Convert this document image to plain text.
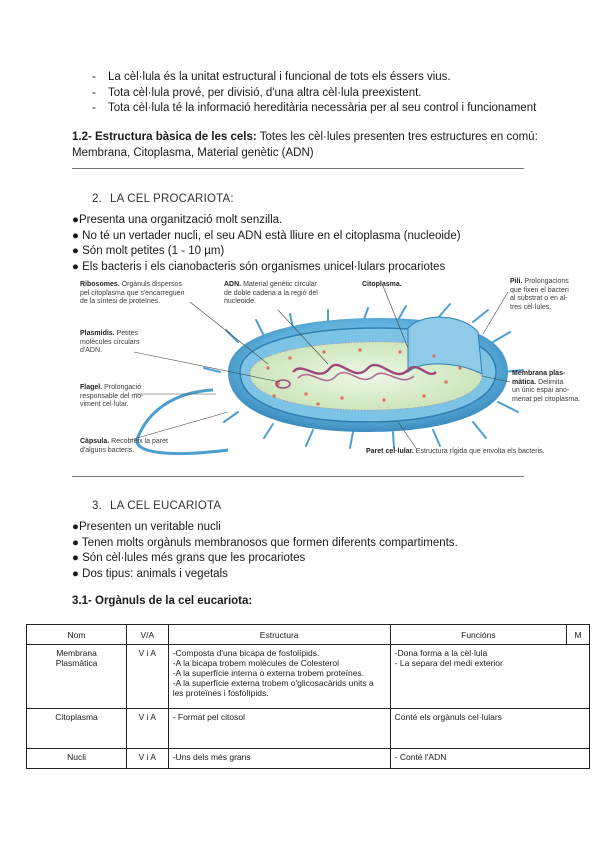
- La cèl·lula és la unitat estructural i funcional de tots els éssers vius.
- Tota cèl·lula prové, per divisió, d'una altra cèl·lula preexistent.
- Tota cèl·lula té la informació hereditària necessària per al seu control i funcionament
1.2- Estructura bàsica de les cels: Totes les cèl·lules presenten tres estructures en comú:
Membrana, Citoplasma, Material genètic (ADN)
2. LA CEL PROCARIOTA:
●Presenta una organització molt senzilla.
● No té un vertader nucli, el seu ADN està lliure en el citoplasma (nucleoide)
● Són molt petites (1 - 10 µm)
● Els bacteris i els cianobacteris són organismes unicel·lulars procariotes
Ribosomes. Orgànuls dispersos
pel citoplasma que s'encarreguen
de la síntesi de proteïnes.
Plasmidis. Petites
molècules circulars
d'ADN.
Flagel. Prolongació
responsable del mo-
viment cel·lular.
Càpsula. Recobreix la paret
d'alguns bacteris.
ADN. Material genètic circular
de doble cadena a la regió del
nucleoide.
Citoplasma.	Pili. Prolongacions
que fixen el bacteri
al substrat o en al-
tres cèl·lules.
Membrana plas-
màtica. Delimita
un únic espai ano-
menat pel citoplasma.
Paret cel·lular. Estructura rígida que envolta els bacteris.
3. LA CEL EUCARIOTA
●Presenten un veritable nucli
● Tenen molts orgànuls membranosos que formen diferents compartiments.
● Són cèl·lules més grans que les procariotes
● Dos tipus: animals i vegetals
3.1- Orgànuls de la cel eucariota:
Nom	V/A	Estructura	Funcións	M

Membrana
Plasmàtica	V i A	-Composta d'una bicapa de fosfolípids.
-A la bicapa trobem molècules de Colesterol
-A la superfície interna o externa trobem proteïnes.
-A la superfície externa trobem o'glicosacàrids units a
les proteïnes i fosfolípids.	-Dona forma a la cèl·lula
- La separa del medi exterior	

Citoplasma	V i A	- Format pel citosol	Conté els orgànuls cel·lulars	
Nucli	V i A	-Uns dels més grans	- Conté l'ADN	
